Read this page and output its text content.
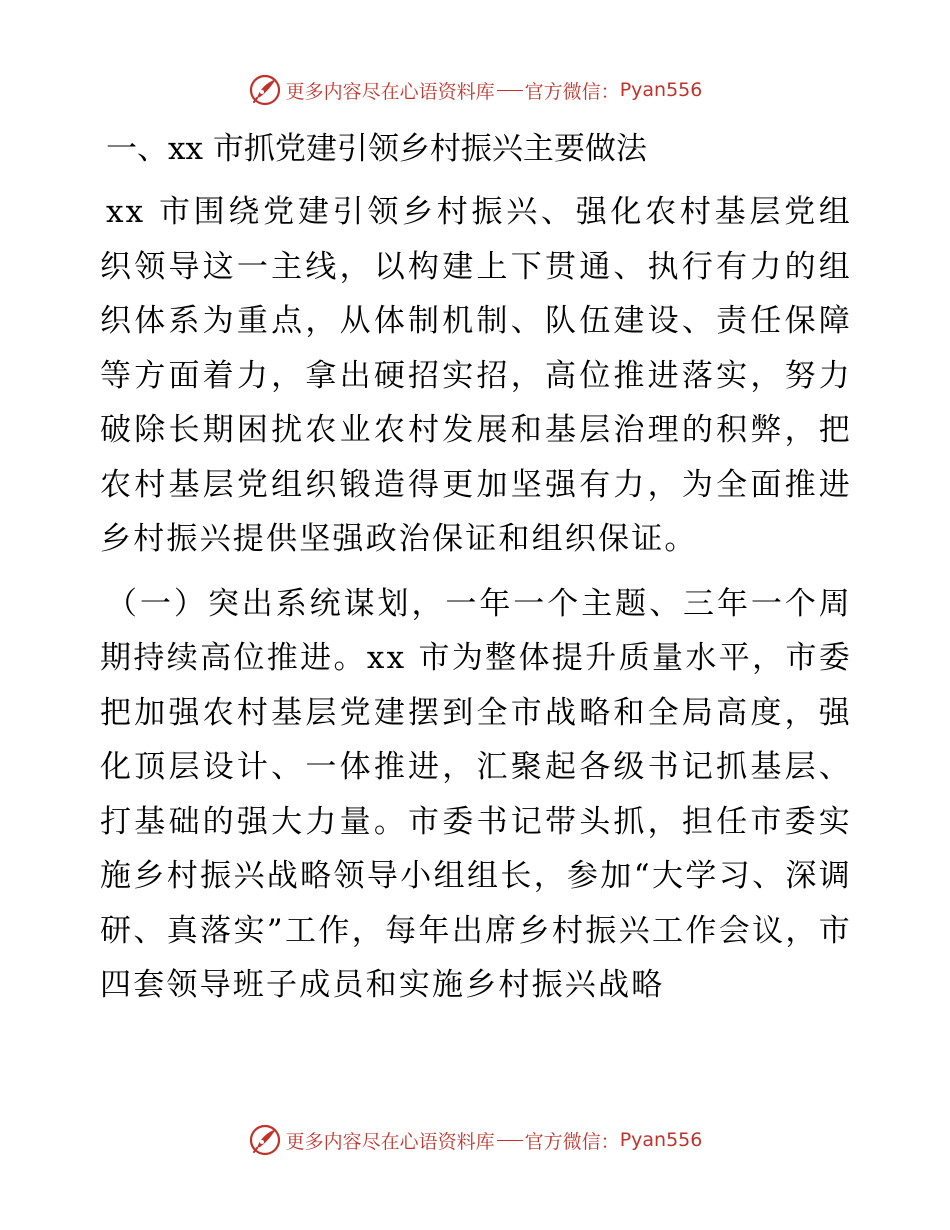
更多内容尽在心语资料库 官方微信： Pyan556
一、xx 市抓党建引领乡村振兴主要做法

xx 市围绕党建引领乡村振兴、强化农村基层党组织领导这一主线，以构建上下贯通、执行有力的组织体系为重点，从体制机制、队伍建设、责任保障等方面着力，拿出硬招实招，高位推进落实，努力破除长期困扰农业农村发展和基层治理的积弊，把农村基层党组织锻造得更加坚强有力，为全面推进乡村振兴提供坚强政治保证和组织保证。

（一）突出系统谋划，一年一个主题、三年一个周期持续高位推进。xx 市为整体提升质量水平，市委把加强农村基层党建摆到全市战略和全局高度，强化顶层设计、一体推进，汇聚起各级书记抓基层、打基础的强大力量。市委书记带头抓，担任市委实施乡村振兴战略领导小组组长，参加“大学习、深调研、真落实”工作，每年出席乡村振兴工作会议，市四套领导班子成员和实施乡村振兴战略

更多内容尽在心语资料库 官方微信： Pyan556
